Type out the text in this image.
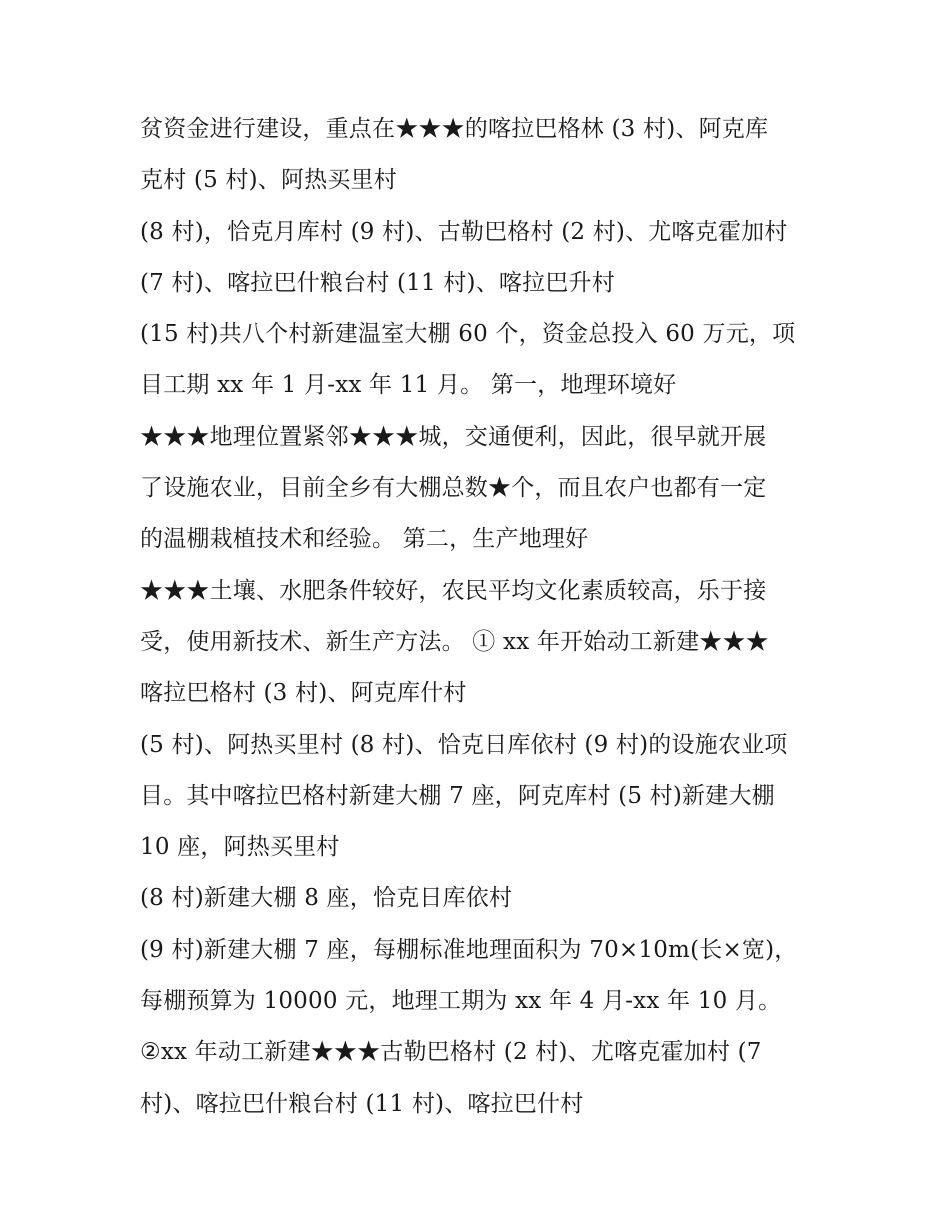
贫资金进行建设，重点在★★★的喀拉巴格林 (3 村)、阿克库
克村 (5 村)、阿热买里村
(8 村)，恰克月库村 (9 村)、古勒巴格村 (2 村)、尤喀克霍加村
(7 村)、喀拉巴什粮台村 (11 村)、喀拉巴升村
(15 村)共八个村新建温室大棚 60 个，资金总投入 60 万元，项
目工期 xx 年 1 月-xx 年 11 月。 第一，地理环境好
★★★地理位置紧邻★★★城，交通便利，因此，很早就开展
了设施农业，目前全乡有大棚总数★个，而且农户也都有一定
的温棚栽植技术和经验。 第二，生产地理好
★★★土壤、水肥条件较好，农民平均文化素质较高，乐于接
受，使用新技术、新生产方法。 ① xx 年开始动工新建★★★
喀拉巴格村 (3 村)、阿克库什村
(5 村)、阿热买里村 (8 村)、恰克日库依村 (9 村)的设施农业项
目。其中喀拉巴格村新建大棚 7 座，阿克库村 (5 村)新建大棚
10 座，阿热买里村
(8 村)新建大棚 8 座，恰克日库依村
(9 村)新建大棚 7 座，每棚标准地理面积为 70×10m(长×宽)，
每棚预算为 10000 元，地理工期为 xx 年 4 月-xx 年 10 月。
②xx 年动工新建★★★古勒巴格村 (2 村)、尤喀克霍加村 (7
村)、喀拉巴什粮台村 (11 村)、喀拉巴什村
